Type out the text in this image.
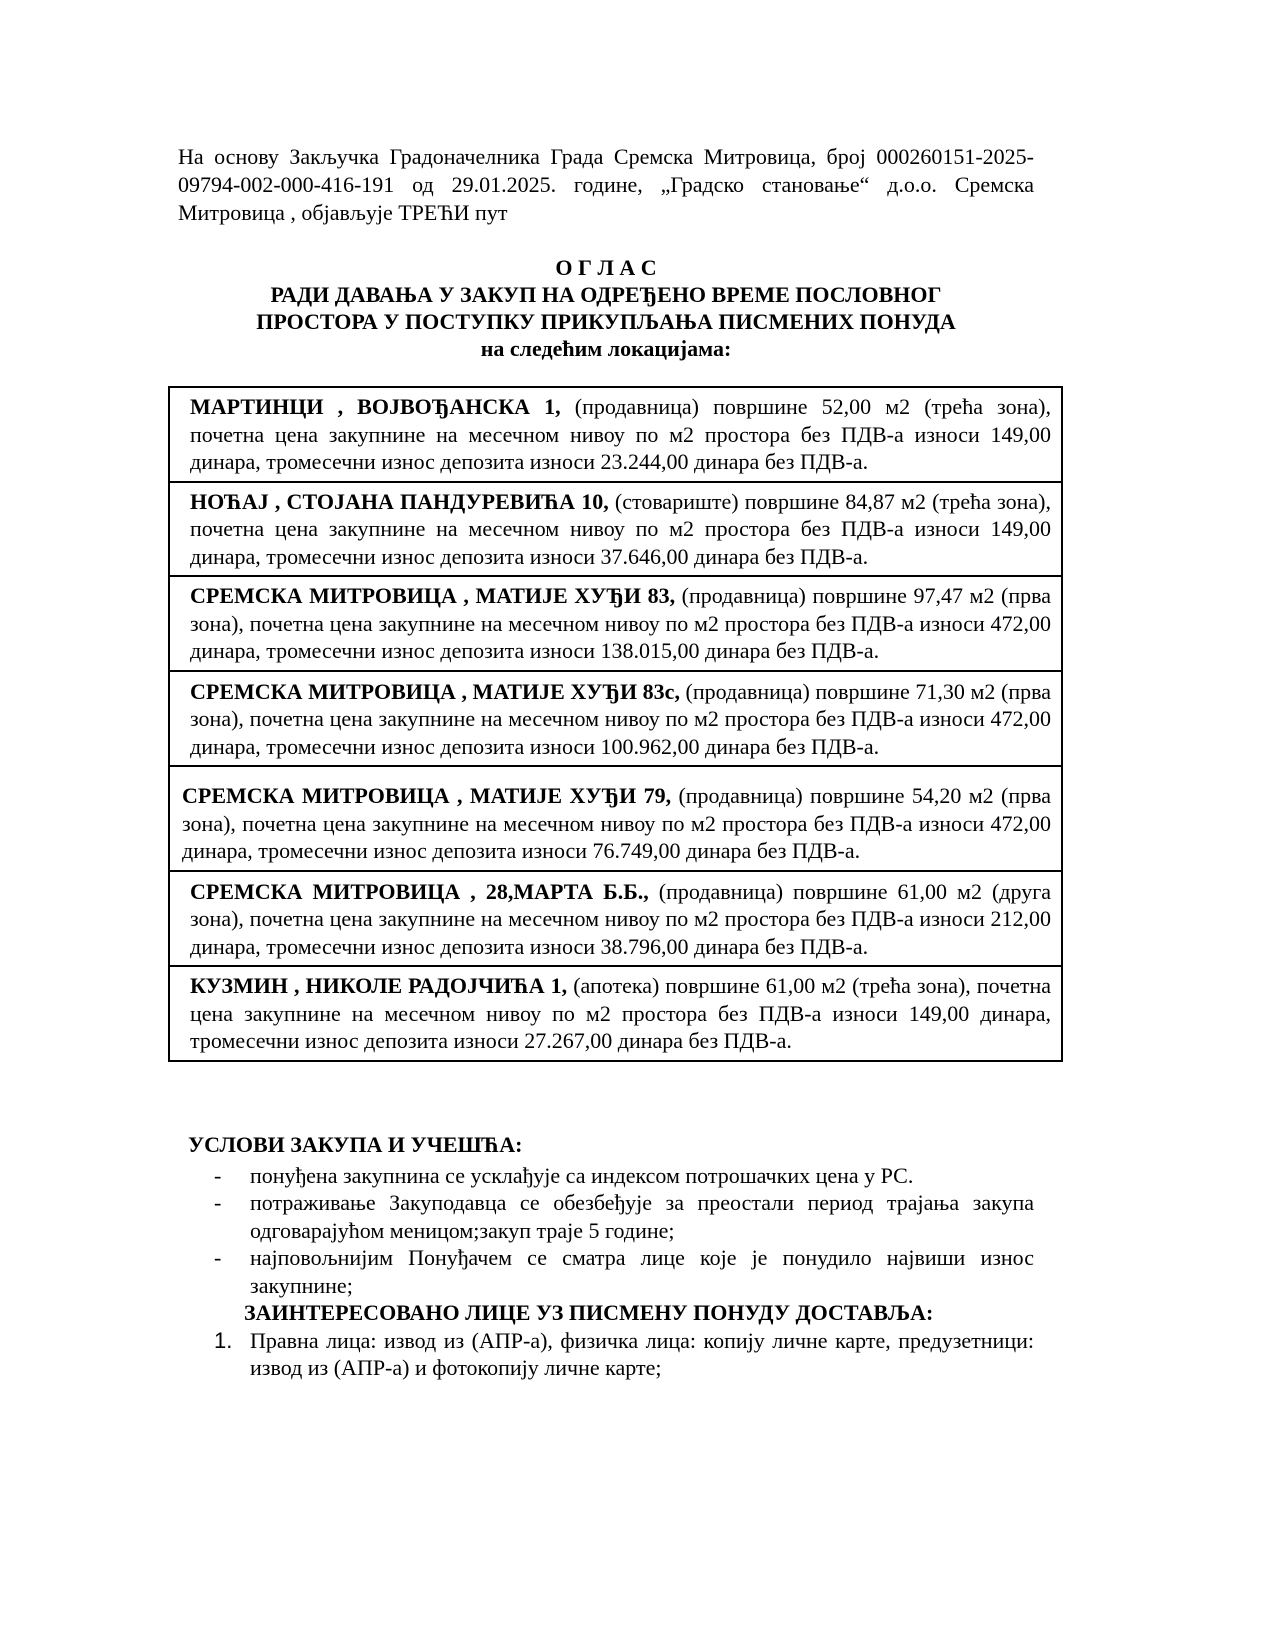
На основу Закључка Градоначелника Града Сремска Митровица, број 000260151-2025-09794-002-000-416-191 од 29.01.2025. године, „Градско становање“ д.о.о. Сремска Митровица , објављује ТРЕЋИ пут

О Г Л А С
РАДИ ДАВАЊА У ЗАКУП НА ОДРЕЂЕНО ВРЕМЕ ПОСЛОВНОГ
ПРОСТОРА У ПОСТУПКУ ПРИКУПЉАЊА ПИСМЕНИХ ПОНУДА
на следећим локацијама:
МАРТИНЦИ , ВОЈВОЂАНСКА 1, (продавница) површине 52,00 м2 (трећа зона), почетна цена закупнине на месечном нивоу по м2 простора без ПДВ-а износи 149,00 динара, тромесечни износ депозита износи 23.244,00 динара без ПДВ-а.
НОЋАЈ , СТОЈАНА ПАНДУРЕВИЋА 10, (стовариште) површине 84,87 м2 (трећа зона), почетна цена закупнине на месечном нивоу по м2 простора без ПДВ-а износи 149,00 динара, тромесечни износ депозита износи 37.646,00 динара без ПДВ-а.
СРЕМСКА МИТРОВИЦА , МАТИЈЕ ХУЂИ 83, (продавница) површине 97,47 м2 (прва зона), почетна цена закупнине на месечном нивоу по м2 простора без ПДВ-а износи 472,00 динара, тромесечни износ депозита износи 138.015,00 динара без ПДВ-а.
СРЕМСКА МИТРОВИЦА , МАТИЈЕ ХУЂИ 83с, (продавница) површине 71,30 м2 (прва зона), почетна цена закупнине на месечном нивоу по м2 простора без ПДВ-а износи 472,00 динара, тромесечни износ депозита износи 100.962,00 динара без ПДВ-а.
СРЕМСКА МИТРОВИЦА , МАТИЈЕ ХУЂИ 79, (продавница) површине 54,20 м2 (прва зона), почетна цена закупнине на месечном нивоу по м2 простора без ПДВ-а износи 472,00 динара, тромесечни износ депозита износи 76.749,00 динара без ПДВ-а.
СРЕМСКА МИТРОВИЦА , 28,МАРТА Б.Б., (продавница) површине 61,00 м2 (друга зона), почетна цена закупнине на месечном нивоу по м2 простора без ПДВ-а износи 212,00 динара, тромесечни износ депозита износи 38.796,00 динара без ПДВ-а.
КУЗМИН , НИКОЛЕ РАДОЈЧИЋА 1, (апотека) површине 61,00 м2 (трећа зона), почетна цена закупнине на месечном нивоу по м2 простора без ПДВ-а износи 149,00 динара, тромесечни износ депозита износи 27.267,00 динара без ПДВ-а.

УСЛОВИ ЗАКУПА И УЧЕШЋА:

- понуђена закупнина се усклађује са индексом потрошачких цена у РС.
- потраживање Закуподавца се обезбеђује за преостали период трајања закупа одговарајућом меницом;закуп траје 5 године;
- најповољнијим Понуђачем се сматра лице које је понудило највиши износ закупнине;

ЗАИНТЕРЕСОВАНО ЛИЦЕ УЗ ПИСМЕНУ ПОНУДУ ДОСТАВЉА:

1. Правна лица: извод из (АПР-а), физичка лица: копију личне карте, предузетници: извод из (АПР-а) и фотокопију личне карте;
